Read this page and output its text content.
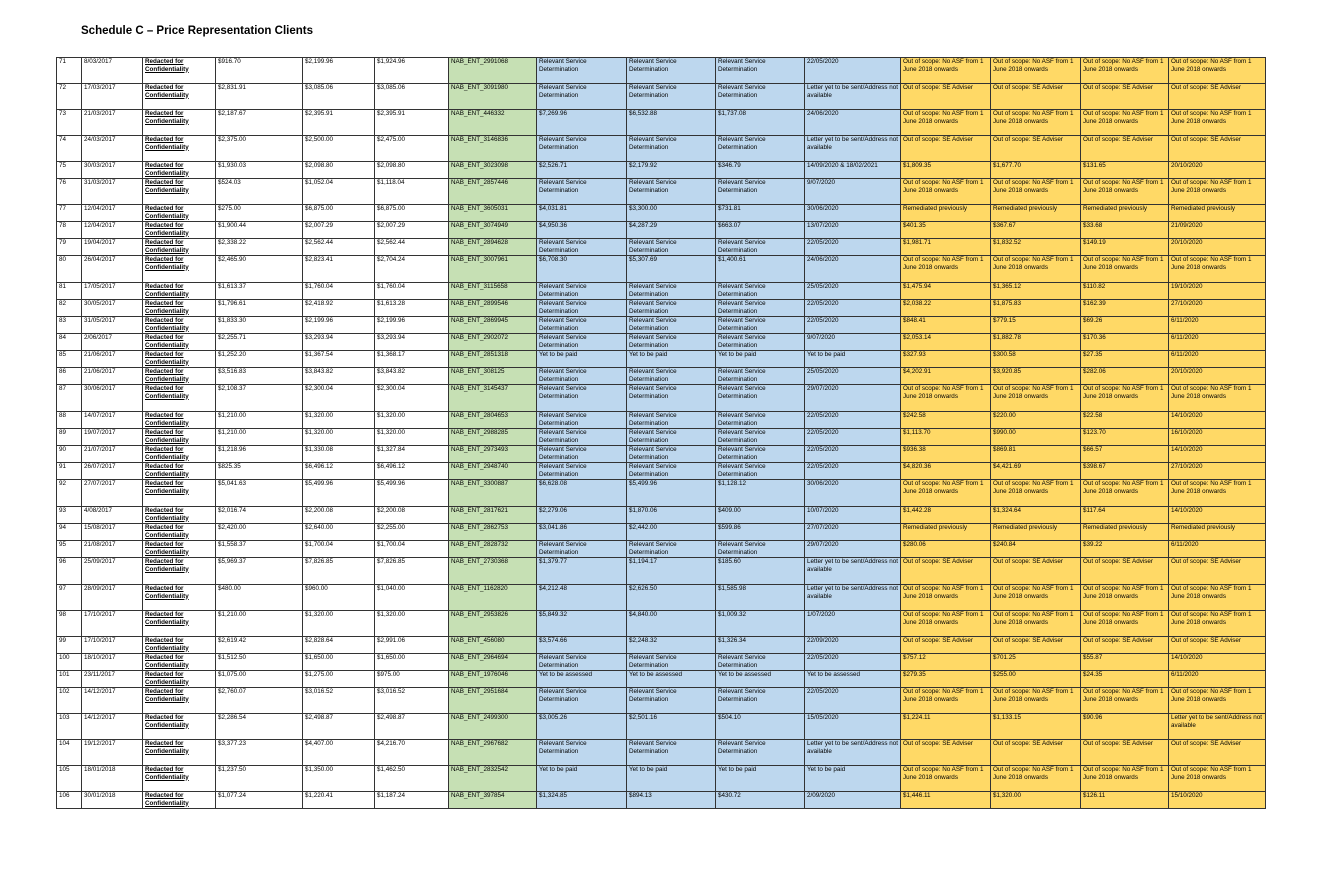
Schedule C – Price Representation Clients
71	8/03/2017	Redacted for Confidentiality	$916.70	$2,199.96	$1,924.96	NAB_ENT_2991068	Relevant Service Determination	Relevant Service Determination	Relevant Service Determination	22/05/2020	Out of scope: No ASF from 1 June 2018 onwards	Out of scope: No ASF from 1 June 2018 onwards	Out of scope: No ASF from 1 June 2018 onwards	Out of scope: No ASF from 1 June 2018 onwards
72	17/03/2017	Redacted for Confidentiality	$2,831.91	$3,085.06	$3,085.06	NAB_ENT_3091980	Relevant Service Determination	Relevant Service Determination	Relevant Service Determination	Letter yet to be sent/Address not available	Out of scope: SE Adviser	Out of scope: SE Adviser	Out of scope: SE Adviser	Out of scope: SE Adviser
73	21/03/2017	Redacted for Confidentiality	$2,187.67	$2,395.91	$2,395.91	NAB_ENT_446332	$7,269.96	$6,532.88	$1,737.08	24/06/2020	Out of scope: No ASF from 1 June 2018 onwards	Out of scope: No ASF from 1 June 2018 onwards	Out of scope: No ASF from 1 June 2018 onwards	Out of scope: No ASF from 1 June 2018 onwards
74	24/03/2017	Redacted for Confidentiality	$2,375.00	$2,500.00	$2,475.00	NAB_ENT_3146836	Relevant Service Determination	Relevant Service Determination	Relevant Service Determination	Letter yet to be sent/Address not available	Out of scope: SE Adviser	Out of scope: SE Adviser	Out of scope: SE Adviser	Out of scope: SE Adviser
75	30/03/2017	Redacted for Confidentiality	$1,930.03	$2,098.80	$2,098.80	NAB_ENT_3023098	$2,526.71	$2,179.92	$346.79	14/09/2020 & 18/02/2021	$1,809.35	$1,677.70	$131.65	20/10/2020
76	31/03/2017	Redacted for Confidentiality	$524.03	$1,052.04	$1,118.04	NAB_ENT_2857446	Relevant Service Determination	Relevant Service Determination	Relevant Service Determination	9/07/2020	Out of scope: No ASF from 1 June 2018 onwards	Out of scope: No ASF from 1 June 2018 onwards	Out of scope: No ASF from 1 June 2018 onwards	Out of scope: No ASF from 1 June 2018 onwards
77	12/04/2017	Redacted for Confidentiality	$275.00	$6,875.00	$6,875.00	NAB_ENT_3605031	$4,031.81	$3,300.00	$731.81	30/06/2020	Remediated previously	Remediated previously	Remediated previously	Remediated previously
78	12/04/2017	Redacted for Confidentiality	$1,900.44	$2,007.29	$2,007.29	NAB_ENT_3074949	$4,950.36	$4,287.29	$663.07	13/07/2020	$401.35	$367.67	$33.68	21/09/2020
79	19/04/2017	Redacted for Confidentiality	$2,338.22	$2,562.44	$2,562.44	NAB_ENT_2894628	Relevant Service Determination	Relevant Service Determination	Relevant Service Determination	22/05/2020	$1,981.71	$1,832.52	$149.19	20/10/2020
80	26/04/2017	Redacted for Confidentiality	$2,465.90	$2,823.41	$2,704.24	NAB_ENT_3007961	$6,708.30	$5,307.69	$1,400.61	24/06/2020	Out of scope: No ASF from 1 June 2018 onwards	Out of scope: No ASF from 1 June 2018 onwards	Out of scope: No ASF from 1 June 2018 onwards	Out of scope: No ASF from 1 June 2018 onwards
81	17/05/2017	Redacted for Confidentiality	$1,613.37	$1,760.04	$1,760.04	NAB_ENT_3115658	Relevant Service Determination	Relevant Service Determination	Relevant Service Determination	25/05/2020	$1,475.94	$1,365.12	$110.82	19/10/2020
82	30/05/2017	Redacted for Confidentiality	$1,796.61	$2,418.92	$1,613.28	NAB_ENT_2899546	Relevant Service Determination	Relevant Service Determination	Relevant Service Determination	22/05/2020	$2,038.22	$1,875.83	$162.39	27/10/2020
83	31/05/2017	Redacted for Confidentiality	$1,833.30	$2,199.96	$2,199.96	NAB_ENT_2869945	Relevant Service Determination	Relevant Service Determination	Relevant Service Determination	22/05/2020	$848.41	$779.15	$69.26	6/11/2020
84	2/06/2017	Redacted for Confidentiality	$2,255.71	$3,293.94	$3,293.94	NAB_ENT_2902072	Relevant Service Determination	Relevant Service Determination	Relevant Service Determination	9/07/2020	$2,053.14	$1,882.78	$170.36	6/11/2020
85	21/06/2017	Redacted for Confidentiality	$1,252.20	$1,367.54	$1,368.17	NAB_ENT_2851318	Yet to be paid	Yet to be paid	Yet to be paid	Yet to be paid	$327.93	$300.58	$27.35	6/11/2020
86	21/06/2017	Redacted for Confidentiality	$3,516.83	$3,843.82	$3,843.82	NAB_ENT_308125	Relevant Service Determination	Relevant Service Determination	Relevant Service Determination	25/05/2020	$4,202.91	$3,920.85	$282.06	20/10/2020
87	30/06/2017	Redacted for Confidentiality	$2,108.37	$2,300.04	$2,300.04	NAB_ENT_3145437	Relevant Service Determination	Relevant Service Determination	Relevant Service Determination	29/07/2020	Out of scope: No ASF from 1 June 2018 onwards	Out of scope: No ASF from 1 June 2018 onwards	Out of scope: No ASF from 1 June 2018 onwards	Out of scope: No ASF from 1 June 2018 onwards
88	14/07/2017	Redacted for Confidentiality	$1,210.00	$1,320.00	$1,320.00	NAB_ENT_2804653	Relevant Service Determination	Relevant Service Determination	Relevant Service Determination	22/05/2020	$242.58	$220.00	$22.58	14/10/2020
89	19/07/2017	Redacted for Confidentiality	$1,210.00	$1,320.00	$1,320.00	NAB_ENT_2988285	Relevant Service Determination	Relevant Service Determination	Relevant Service Determination	22/05/2020	$1,113.70	$990.00	$123.70	16/10/2020
90	21/07/2017	Redacted for Confidentiality	$1,218.96	$1,330.08	$1,327.84	NAB_ENT_2973493	Relevant Service Determination	Relevant Service Determination	Relevant Service Determination	22/05/2020	$936.38	$869.81	$66.57	14/10/2020
91	26/07/2017	Redacted for Confidentiality	$825.35	$6,496.12	$6,496.12	NAB_ENT_2948740	Relevant Service Determination	Relevant Service Determination	Relevant Service Determination	22/05/2020	$4,820.36	$4,421.69	$398.67	27/10/2020
92	27/07/2017	Redacted for Confidentiality	$5,041.63	$5,499.96	$5,499.96	NAB_ENT_3300887	$6,628.08	$5,499.96	$1,128.12	30/06/2020	Out of scope: No ASF from 1 June 2018 onwards	Out of scope: No ASF from 1 June 2018 onwards	Out of scope: No ASF from 1 June 2018 onwards	Out of scope: No ASF from 1 June 2018 onwards
93	4/08/2017	Redacted for Confidentiality	$2,016.74	$2,200.08	$2,200.08	NAB_ENT_2817621	$2,279.06	$1,870.06	$409.00	10/07/2020	$1,442.28	$1,324.64	$117.64	14/10/2020
94	15/08/2017	Redacted for Confidentiality	$2,420.00	$2,640.00	$2,255.00	NAB_ENT_2862753	$3,041.86	$2,442.00	$599.86	27/07/2020	Remediated previously	Remediated previously	Remediated previously	Remediated previously
95	21/08/2017	Redacted for Confidentiality	$1,558.37	$1,700.04	$1,700.04	NAB_ENT_2828732	Relevant Service Determination	Relevant Service Determination	Relevant Service Determination	29/07/2020	$280.06	$240.84	$39.22	6/11/2020
96	25/09/2017	Redacted for Confidentiality	$5,969.37	$7,826.85	$7,826.85	NAB_ENT_2730368	$1,379.77	$1,194.17	$185.60	Letter yet to be sent/Address not available	Out of scope: SE Adviser	Out of scope: SE Adviser	Out of scope: SE Adviser	Out of scope: SE Adviser
97	28/09/2017	Redacted for Confidentiality	$480.00	$960.00	$1,040.00	NAB_ENT_1162820	$4,212.48	$2,626.50	$1,585.98	Letter yet to be sent/Address not available	Out of scope: No ASF from 1 June 2018 onwards	Out of scope: No ASF from 1 June 2018 onwards	Out of scope: No ASF from 1 June 2018 onwards	Out of scope: No ASF from 1 June 2018 onwards
98	17/10/2017	Redacted for Confidentiality	$1,210.00	$1,320.00	$1,320.00	NAB_ENT_2953826	$5,849.32	$4,840.00	$1,009.32	1/07/2020	Out of scope: No ASF from 1 June 2018 onwards	Out of scope: No ASF from 1 June 2018 onwards	Out of scope: No ASF from 1 June 2018 onwards	Out of scope: No ASF from 1 June 2018 onwards
99	17/10/2017	Redacted for Confidentiality	$2,619.42	$2,828.64	$2,991.06	NAB_ENT_456080	$3,574.66	$2,248.32	$1,326.34	22/09/2020	Out of scope: SE Adviser	Out of scope: SE Adviser	Out of scope: SE Adviser	Out of scope: SE Adviser
100	18/10/2017	Redacted for Confidentiality	$1,512.50	$1,650.00	$1,650.00	NAB_ENT_2964694	Relevant Service Determination	Relevant Service Determination	Relevant Service Determination	22/05/2020	$757.12	$701.25	$55.87	14/10/2020
101	23/11/2017	Redacted for Confidentiality	$1,075.00	$1,275.00	$975.00	NAB_ENT_1976046	Yet to be assessed	Yet to be assessed	Yet to be assessed	Yet to be assessed	$279.35	$255.00	$24.35	6/11/2020
102	14/12/2017	Redacted for Confidentiality	$2,760.07	$3,016.52	$3,016.52	NAB_ENT_2951684	Relevant Service Determination	Relevant Service Determination	Relevant Service Determination	22/05/2020	Out of scope: No ASF from 1 June 2018 onwards	Out of scope: No ASF from 1 June 2018 onwards	Out of scope: No ASF from 1 June 2018 onwards	Out of scope: No ASF from 1 June 2018 onwards
103	14/12/2017	Redacted for Confidentiality	$2,286.54	$2,498.87	$2,498.87	NAB_ENT_2499300	$3,005.26	$2,501.16	$504.10	15/05/2020	$1,224.11	$1,133.15	$90.96	Letter yet to be sent/Address not available
104	19/12/2017	Redacted for Confidentiality	$3,377.23	$4,407.00	$4,216.70	NAB_ENT_2967682	Relevant Service Determination	Relevant Service Determination	Relevant Service Determination	Letter yet to be sent/Address not available	Out of scope: SE Adviser	Out of scope: SE Adviser	Out of scope: SE Adviser	Out of scope: SE Adviser
105	18/01/2018	Redacted for Confidentiality	$1,237.50	$1,350.00	$1,462.50	NAB_ENT_2832542	Yet to be paid	Yet to be paid	Yet to be paid	Yet to be paid	Out of scope: No ASF from 1 June 2018 onwards	Out of scope: No ASF from 1 June 2018 onwards	Out of scope: No ASF from 1 June 2018 onwards	Out of scope: No ASF from 1 June 2018 onwards
106	30/01/2018	Redacted for Confidentiality	$1,077.24	$1,220.41	$1,187.24	NAB_ENT_397854	$1,324.85	$894.13	$430.72	2/09/2020	$1,446.11	$1,320.00	$126.11	15/10/2020
